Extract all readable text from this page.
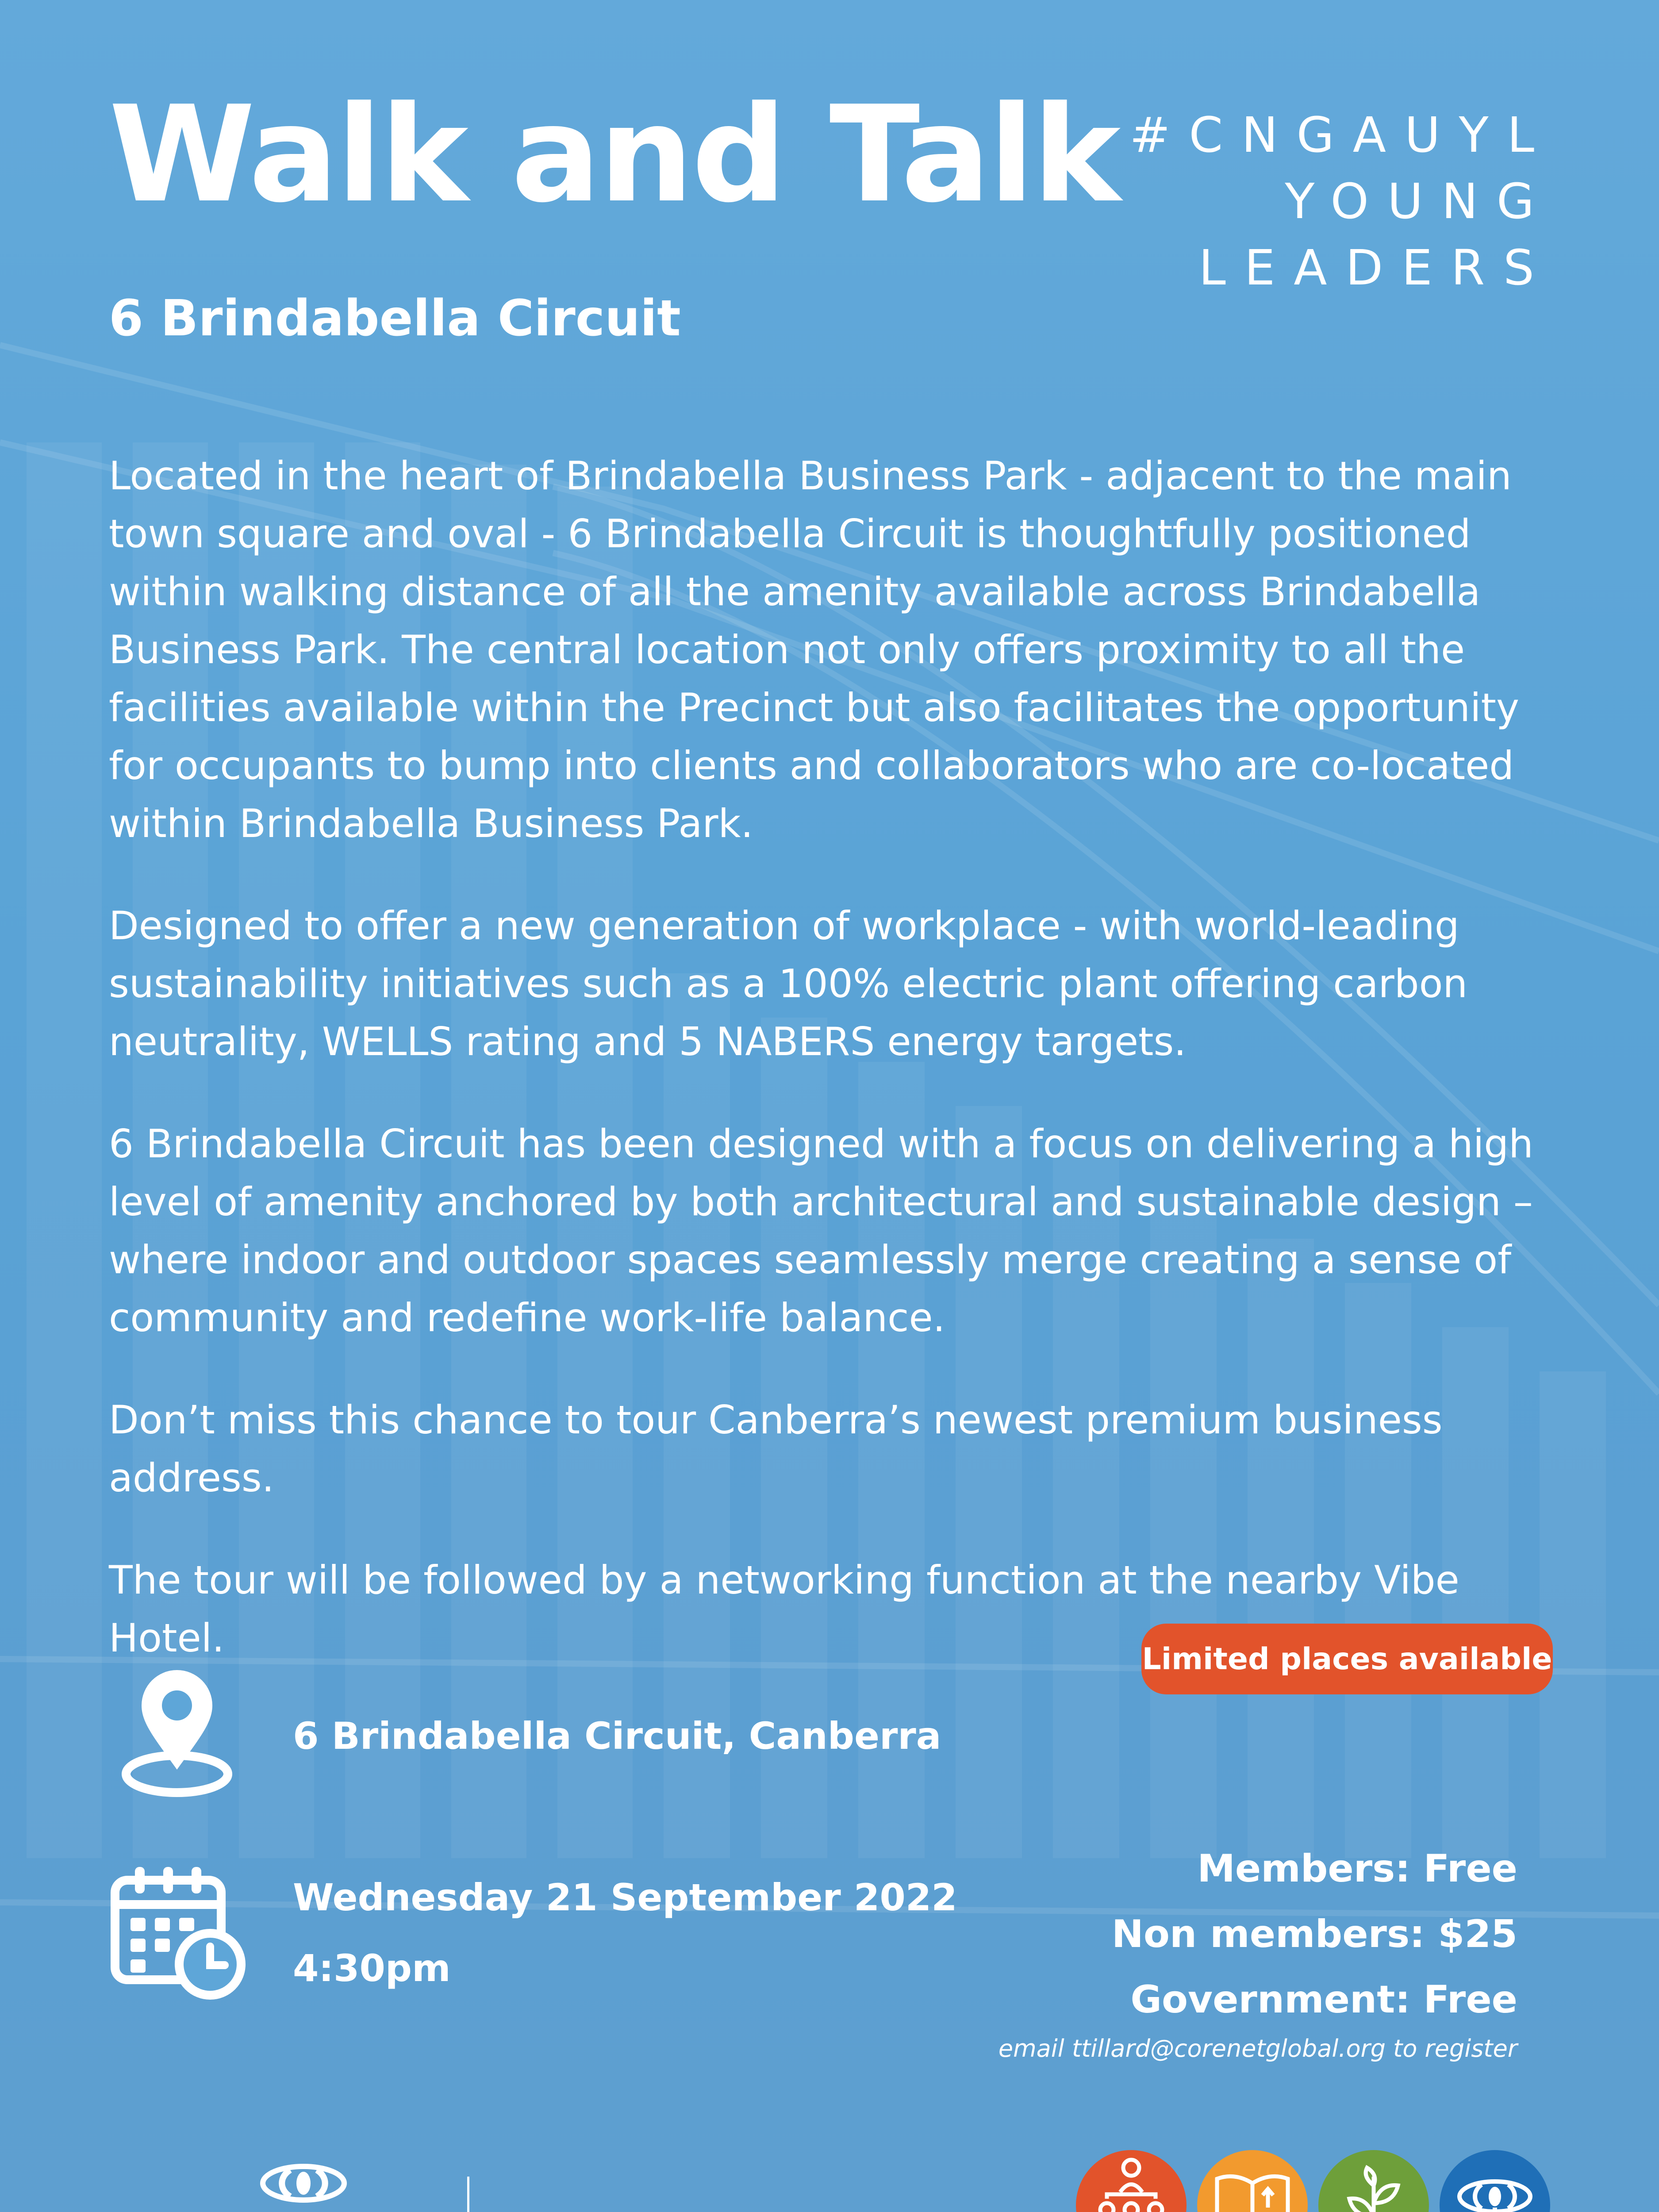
Walk and Talk
6 Brindabella Circuit
#CNGAUYL
YOUNG
LEADERS

Located in the heart of Brindabella Business Park - adjacent to the main town square and oval - 6 Brindabella Circuit is thoughtfully positioned within walking distance of all the amenity available across Brindabella Business Park. The central location not only offers proximity to all the facilities available within the Precinct but also facilitates the opportunity for occupants to bump into clients and collaborators who are co-located within Brindabella Business Park.

Designed to offer a new generation of workplace - with world-leading sustainability initiatives such as a 100% electric plant offering carbon neutrality, WELLS rating and 5 NABERS energy targets.

6 Brindabella Circuit has been designed with a focus on delivering a high level of amenity anchored by both architectural and sustainable design – where indoor and outdoor spaces seamlessly merge creating a sense of community and redefine work-life balance.

Don’t miss this chance to tour Canberra’s newest premium business address.

The tour will be followed by a networking function at the nearby Vibe Hotel.	Limited places available
6 Brindabella Circuit, Canberra
Wednesday 21 September 2022
4:30pm
Members: Free
Non members: $25
Government: Free
email ttillard@corenetglobal.org to register
